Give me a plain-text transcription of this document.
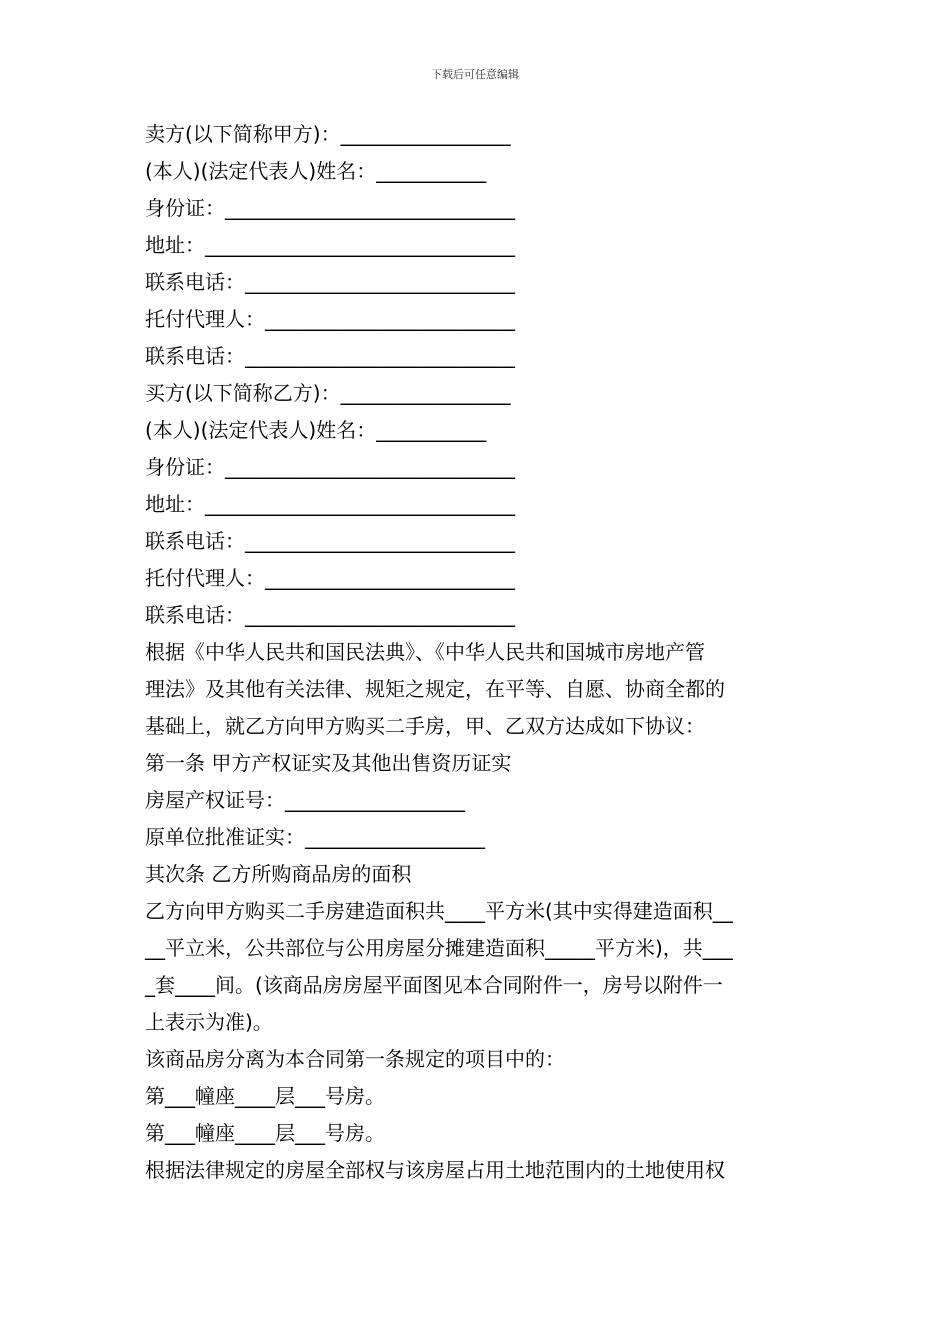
下载后可任意编辑

卖方(以下简称甲方)：_________________

(本人)(法定代表人)姓名：___________

身份证：_____________________________

地址：_______________________________

联系电话：___________________________

托付代理人：_________________________

联系电话：___________________________

买方(以下简称乙方)：_________________

(本人)(法定代表人)姓名：___________

身份证：_____________________________

地址：_______________________________

联系电话：___________________________

托付代理人：_________________________

联系电话：___________________________

根据《中华人民共和国民法典》、《中华人民共和国城市房地产管

理法》及其他有关法律、规矩之规定，在平等、自愿、协商全都的

基础上，就乙方向甲方购买二手房，甲、乙双方达成如下协议：

第一条 甲方产权证实及其他出售资历证实

房屋产权证号：__________________

原单位批准证实：__________________

其次条 乙方所购商品房的面积

乙方向甲方购买二手房建造面积共____平方米(其中实得建造面积__

__平立米，公共部位与公用房屋分摊建造面积_____平方米)，共___

_套____间。(该商品房房屋平面图见本合同附件一，房号以附件一

上表示为准)。

该商品房分离为本合同第一条规定的项目中的：

第___幢座____层___号房。

第___幢座____层___号房。

根据法律规定的房屋全部权与该房屋占用土地范围内的土地使用权
